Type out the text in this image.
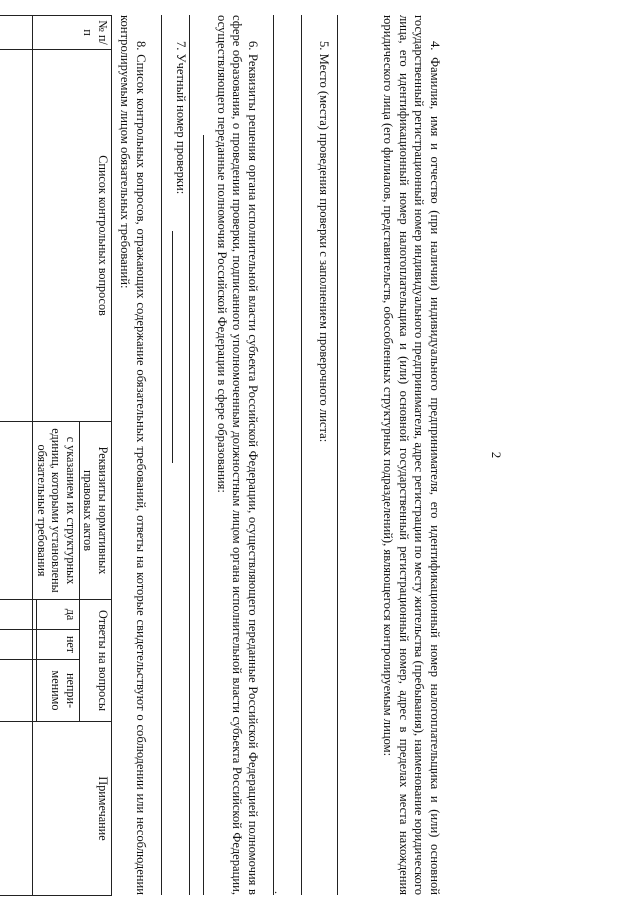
2

4. Фамилия, имя и отчество (при наличии) индивидуального предпринимателя, его идентификационный номер налогоплательщика и (или) основной государственный регистрационный номер индивидуального предпринимателя, адрес регистрации по месту жительства (пребывания), наименование юридического лица, его идентификационный номер налогоплательщика и (или) основной государственный регистрационный номер, адрес в пределах места нахождения юридического лица (его филиалов, представительств, обособленных структурных подразделений), являющегося контролируемым лицом:

5. Место (места) проведения проверки с заполнением проверочного листа:

.

6. Реквизиты решения органа исполнительной власти субъекта Российской Федерации, осуществляющего переданные Российской Федерацией полномочия в сфере образования, о проведении проверки, подписанного уполномоченным должностным лицом органа исполнительной власти субъекта Российской Федерации, осуществляющего переданные полномочия Российской Федерации в сфере образования:

7. Учетный номер проверки:

8. Список контрольных вопросов, отражающих содержание обязательных требований, ответы на которые свидетельствуют о соблюдении или несоблюдении контролируемым лицом обязательных требований:

№ п/п	Список контрольных вопросов	Реквизиты нормативных правовых актов	Ответы на вопросы			Примечание
		с указанием их структурных единиц, которыми установлены обязательные требования	да	нет	непри-менимо	
